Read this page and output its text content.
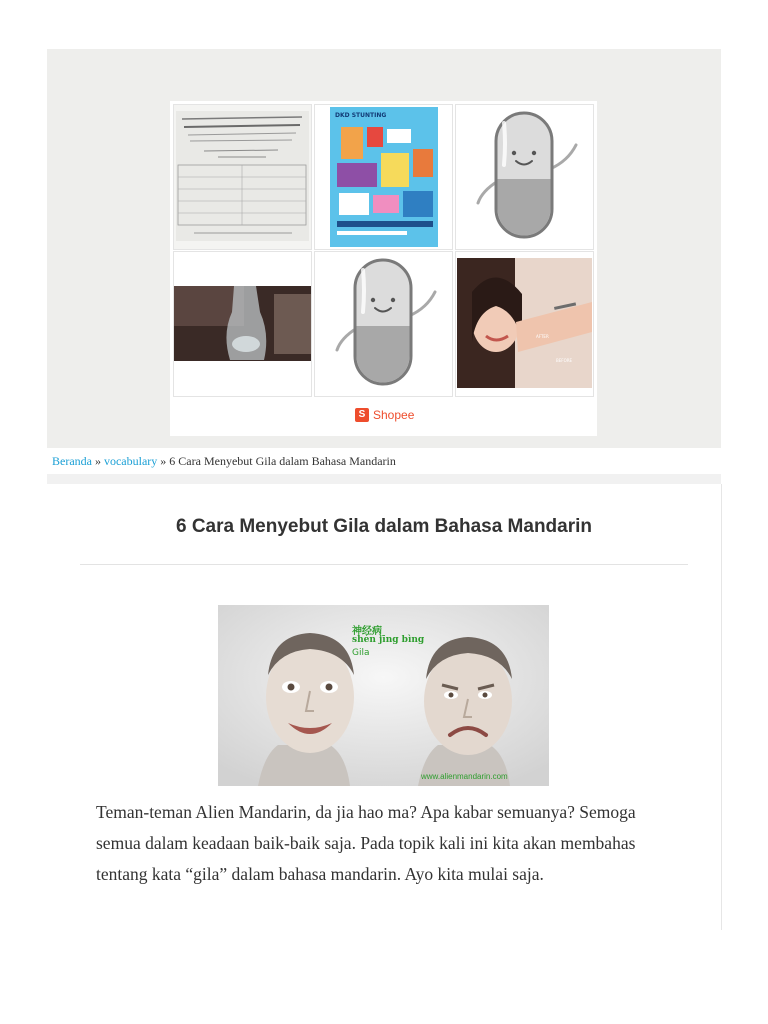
DKD STUNTING
AFTER
BEFORE
S Shopee
Beranda » vocabulary » 6 Cara Menyebut Gila dalam Bahasa Mandarin
6 Cara Menyebut Gila dalam Bahasa Mandarin
神经病
shén jīng bìng
Gila
www.alienmandarin.com

Teman-teman Alien Mandarin, da jia hao ma? Apa kabar semuanya? Semoga semua dalam keadaan baik-baik saja. Pada topik kali ini kita akan membahas tentang kata “gila” dalam bahasa mandarin. Ayo kita mulai saja.
